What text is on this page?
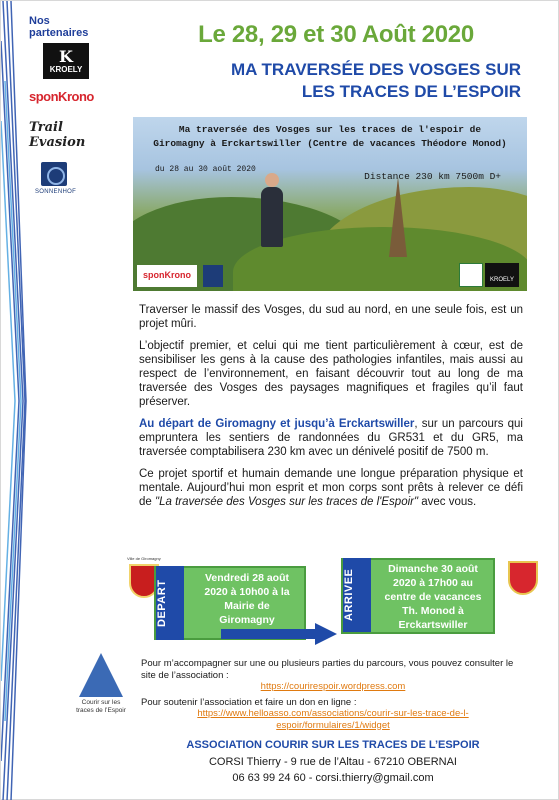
Nos
partenaires
K
KROELY
sponKrono

Trail Evasion
SONNENHOF
Le 28, 29 et 30 Août 2020
MA TRAVERSÉE DES VOSGES SUR
LES TRACES DE L’ESPOIR
Ma traversée des Vosges sur les traces de l'espoir de
Giromagny à Erckartswiller (Centre de vacances Théodore Monod)
du 28 au 30 août 2020
Distance 230 km 7500m D+
sponKrono	KROELY

Traverser le massif des Vosges, du sud au nord, en une seule fois, est un projet mûri.

L’objectif premier, et celui qui me tient particulièrement à cœur, est de sensibiliser les gens à la cause des pathologies infantiles, mais aussi au respect de l’environnement, en faisant découvrir tout au long de ma traversée des Vosges des paysages magnifiques et fragiles qu’il faut préserver.

Au départ de Giromagny et jusqu’à Erckartswiller, sur un parcours qui empruntera les sentiers de randonnées du GR531 et du GR5, ma traversée comptabilisera 230 km avec un dénivelé positif de 7500 m.

Ce projet sportif et humain demande une longue préparation physique et mentale. Aujourd’hui mon esprit et mon corps sont prêts à relever ce défi de "La traversée des Vosges sur les traces de l'Espoir" avec vous.

Ville de Giromagny
DEPART
Vendredi 28 août
2020 à 10h00 à la
Mairie de
Giromagny	ARRIVEE	Dimanche 30 août
2020 à 17h00 au
centre de vacances
Th. Monod à
Erckartswiller
Courir sur les
traces de l’Espoir
Pour m’accompagner sur une ou plusieurs parties du parcours, vous pouvez consulter le site de l’association :
https://courirespoir.wordpress.com
Pour soutenir l’association et faire un don en ligne :
https://www.helloasso.com/associations/courir-sur-les-trace-de-l-
espoir/formulaires/1/widget
ASSOCIATION COURIR SUR LES TRACES DE L’ESPOIR
CORSI Thierry - 9 rue de l’Altau - 67210 OBERNAI
06 63 99 24 60 - corsi.thierry@gmail.com
